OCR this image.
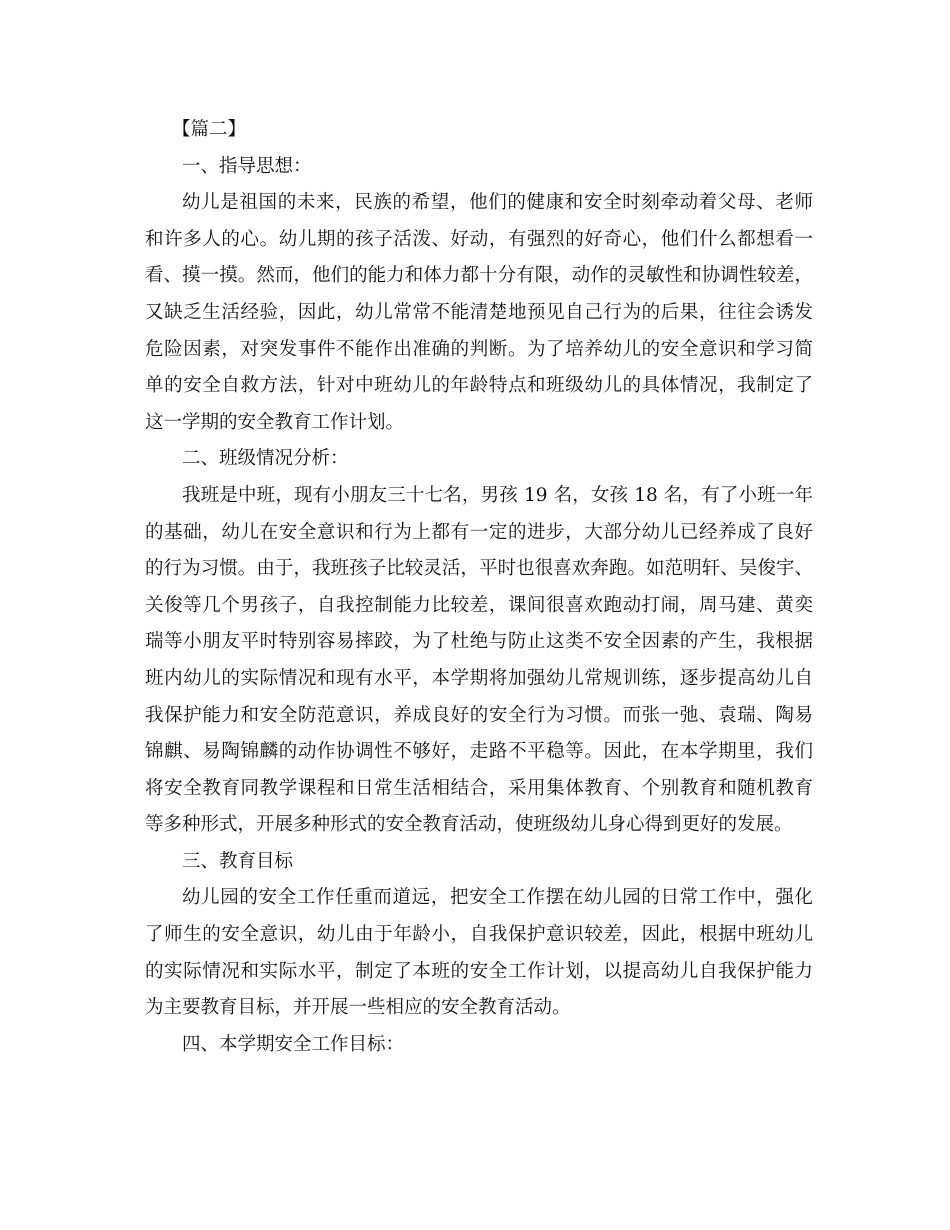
【篇二】

一、指导思想：

幼儿是祖国的未来，民族的希望，他们的健康和安全时刻牵动着父母、老师

和许多人的心。幼儿期的孩子活泼、好动，有强烈的好奇心，他们什么都想看一

看、摸一摸。然而，他们的能力和体力都十分有限，动作的灵敏性和协调性较差，

又缺乏生活经验，因此，幼儿常常不能清楚地预见自己行为的后果，往往会诱发

危险因素，对突发事件不能作出准确的判断。为了培养幼儿的安全意识和学习简

单的安全自救方法，针对中班幼儿的年龄特点和班级幼儿的具体情况，我制定了

这一学期的安全教育工作计划。

二、班级情况分析：

我班是中班，现有小朋友三十七名，男孩 19 名，女孩 18 名，有了小班一年

的基础，幼儿在安全意识和行为上都有一定的进步，大部分幼儿已经养成了良好

的行为习惯。由于，我班孩子比较灵活，平时也很喜欢奔跑。如范明轩、吴俊宇、

关俊等几个男孩子，自我控制能力比较差，课间很喜欢跑动打闹，周马建、黄奕

瑞等小朋友平时特别容易摔跤，为了杜绝与防止这类不安全因素的产生，我根据

班内幼儿的实际情况和现有水平，本学期将加强幼儿常规训练，逐步提高幼儿自

我保护能力和安全防范意识，养成良好的安全行为习惯。而张一弛、袁瑞、陶易

锦麒、易陶锦麟的动作协调性不够好，走路不平稳等。因此，在本学期里，我们

将安全教育同教学课程和日常生活相结合，采用集体教育、个别教育和随机教育

等多种形式，开展多种形式的安全教育活动，使班级幼儿身心得到更好的发展。

三、教育目标

幼儿园的安全工作任重而道远，把安全工作摆在幼儿园的日常工作中，强化

了师生的安全意识，幼儿由于年龄小，自我保护意识较差，因此，根据中班幼儿

的实际情况和实际水平，制定了本班的安全工作计划，以提高幼儿自我保护能力

为主要教育目标，并开展一些相应的安全教育活动。

四、本学期安全工作目标：
